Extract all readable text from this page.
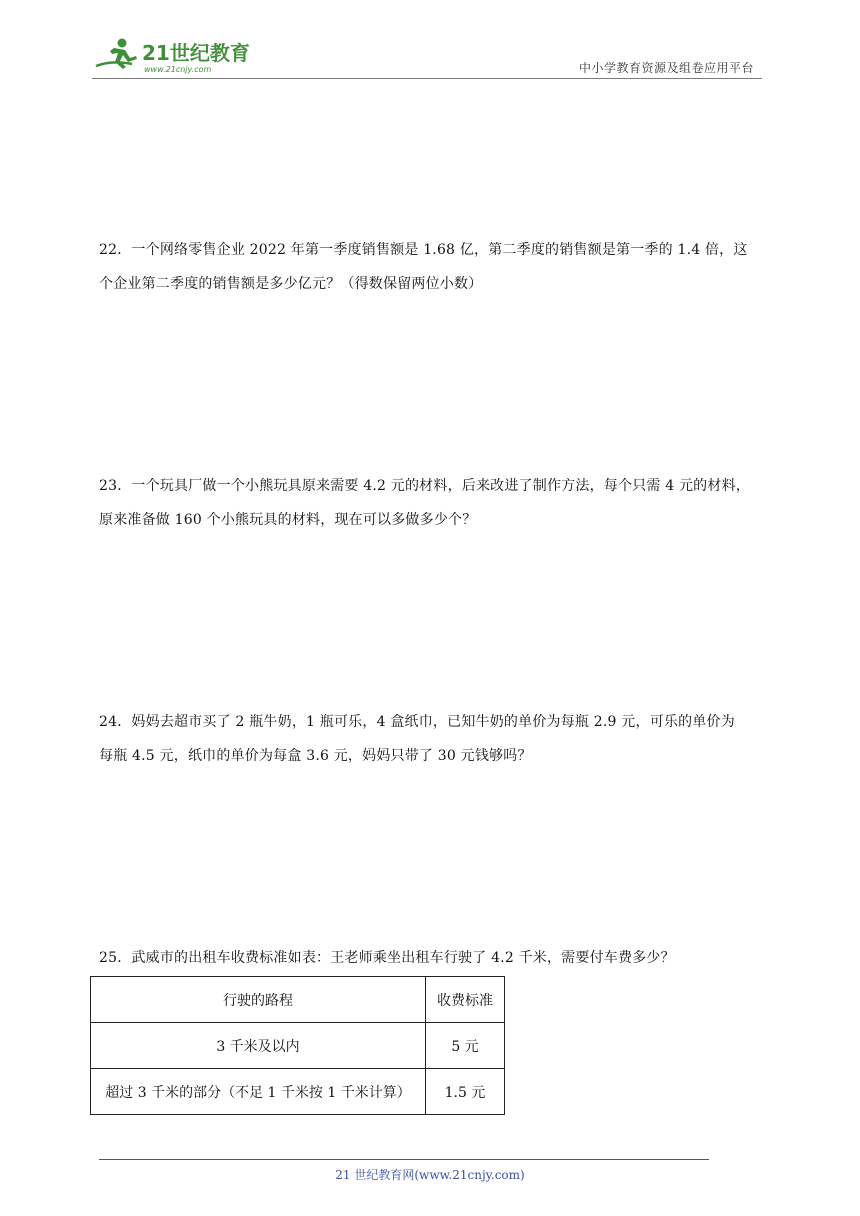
21世纪教育
www.21cnjy.com	中小学教育资源及组卷应用平台
22．一个网络零售企业 2022 年第一季度销售额是 1.68 亿，第二季度的销售额是第一季的 1.4 倍，这
个企业第二季度的销售额是多少亿元？（得数保留两位小数）
23．一个玩具厂做一个小熊玩具原来需要 4.2 元的材料，后来改进了制作方法，每个只需 4 元的材料，
原来准备做 160 个小熊玩具的材料，现在可以多做多少个？
24．妈妈去超市买了 2 瓶牛奶，1 瓶可乐，4 盒纸巾，已知牛奶的单价为每瓶 2.9 元，可乐的单价为
每瓶 4.5 元，纸巾的单价为每盒 3.6 元，妈妈只带了 30 元钱够吗？
25．武威市的出租车收费标准如表：王老师乘坐出租车行驶了 4.2 千米，需要付车费多少？
行驶的路程	收费标准
3 千米及以内	5 元
超过 3 千米的部分（不足 1 千米按 1 千米计算）	1.5 元
21 世纪教育网(www.21cnjy.com)
